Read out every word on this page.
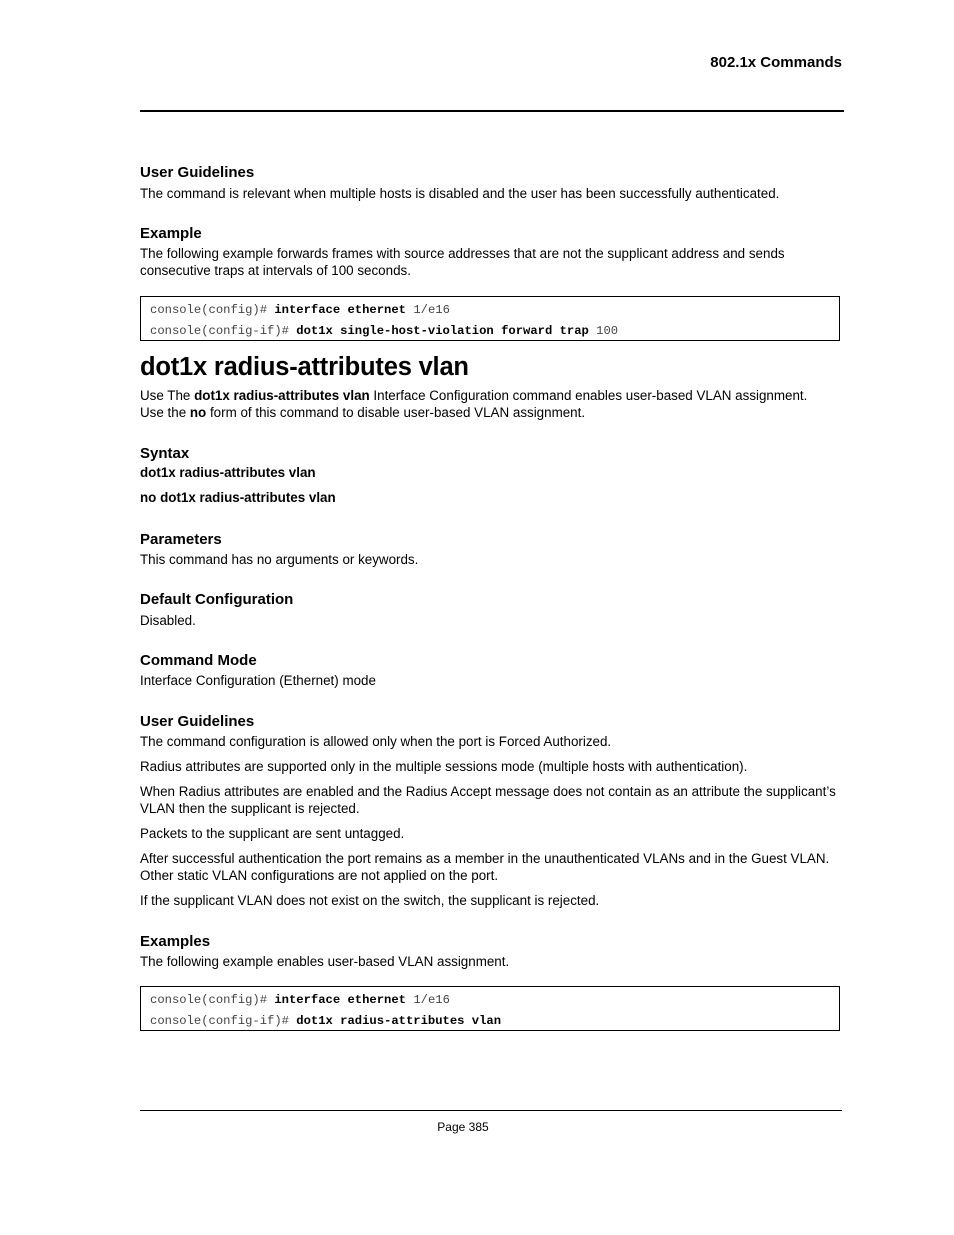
802.1x Commands
User Guidelines
The command is relevant when multiple hosts is disabled and the user has been successfully authenticated.
Example
The following example forwards frames with source addresses that are not the supplicant address and sends consecutive traps at intervals of 100 seconds.
console(config)# interface ethernet 1/e16
console(config-if)# dot1x single-host-violation forward trap 100
dot1x radius-attributes vlan
Use The dot1x radius-attributes vlan Interface Configuration command enables user-based VLAN assignment.
Use the no form of this command to disable user-based VLAN assignment.
Syntax
dot1x radius-attributes vlan
no dot1x radius-attributes vlan
Parameters
This command has no arguments or keywords.
Default Configuration
Disabled.
Command Mode
Interface Configuration (Ethernet) mode
User Guidelines
The command configuration is allowed only when the port is Forced Authorized.
Radius attributes are supported only in the multiple sessions mode (multiple hosts with authentication).
When Radius attributes are enabled and the Radius Accept message does not contain as an attribute the supplicant’s VLAN then the supplicant is rejected.
Packets to the supplicant are sent untagged.
After successful authentication the port remains as a member in the unauthenticated VLANs and in the Guest VLAN. Other static VLAN configurations are not applied on the port.
If the supplicant VLAN does not exist on the switch, the supplicant is rejected.
Examples
The following example enables user-based VLAN assignment.
console(config)# interface ethernet 1/e16
console(config-if)# dot1x radius-attributes vlan
Page 385
